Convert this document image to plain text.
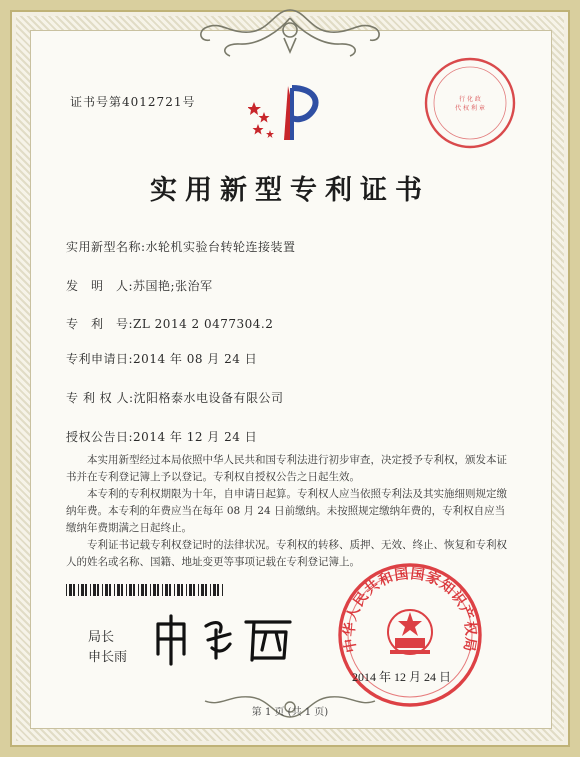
证书号第4012721号	行 化 政
代 权 利 章
实用新型专利证书
实用新型名称:水轮机实验台转轮连接装置
发　明　人:苏国艳;张治军
专　利　号:ZL 2014 2 0477304.2
专利申请日:2014 年 08 月 24 日
专 利 权 人:沈阳格泰水电设备有限公司
授权公告日:2014 年 12 月 24 日

本实用新型经过本局依照中华人民共和国专利法进行初步审查，决定授予专利权，颁发本证书并在专利登记簿上予以登记。专利权自授权公告之日起生效。

本专利的专利权期限为十年，自申请日起算。专利权人应当依照专利法及其实施细则规定缴纳年费。本专利的年费应当在每年 08 月 24 日前缴纳。未按照规定缴纳年费的，专利权自应当缴纳年费期满之日起终止。

专利证书记载专利权登记时的法律状况。专利权的转移、质押、无效、终止、恢复和专利权人的姓名或名称、国籍、地址变更等事项记载在专利登记簿上。

局长
申长雨
中华人民共和国国家知识产权局
2014 年 12 月 24 日
第 1 页 (共 1 页)
